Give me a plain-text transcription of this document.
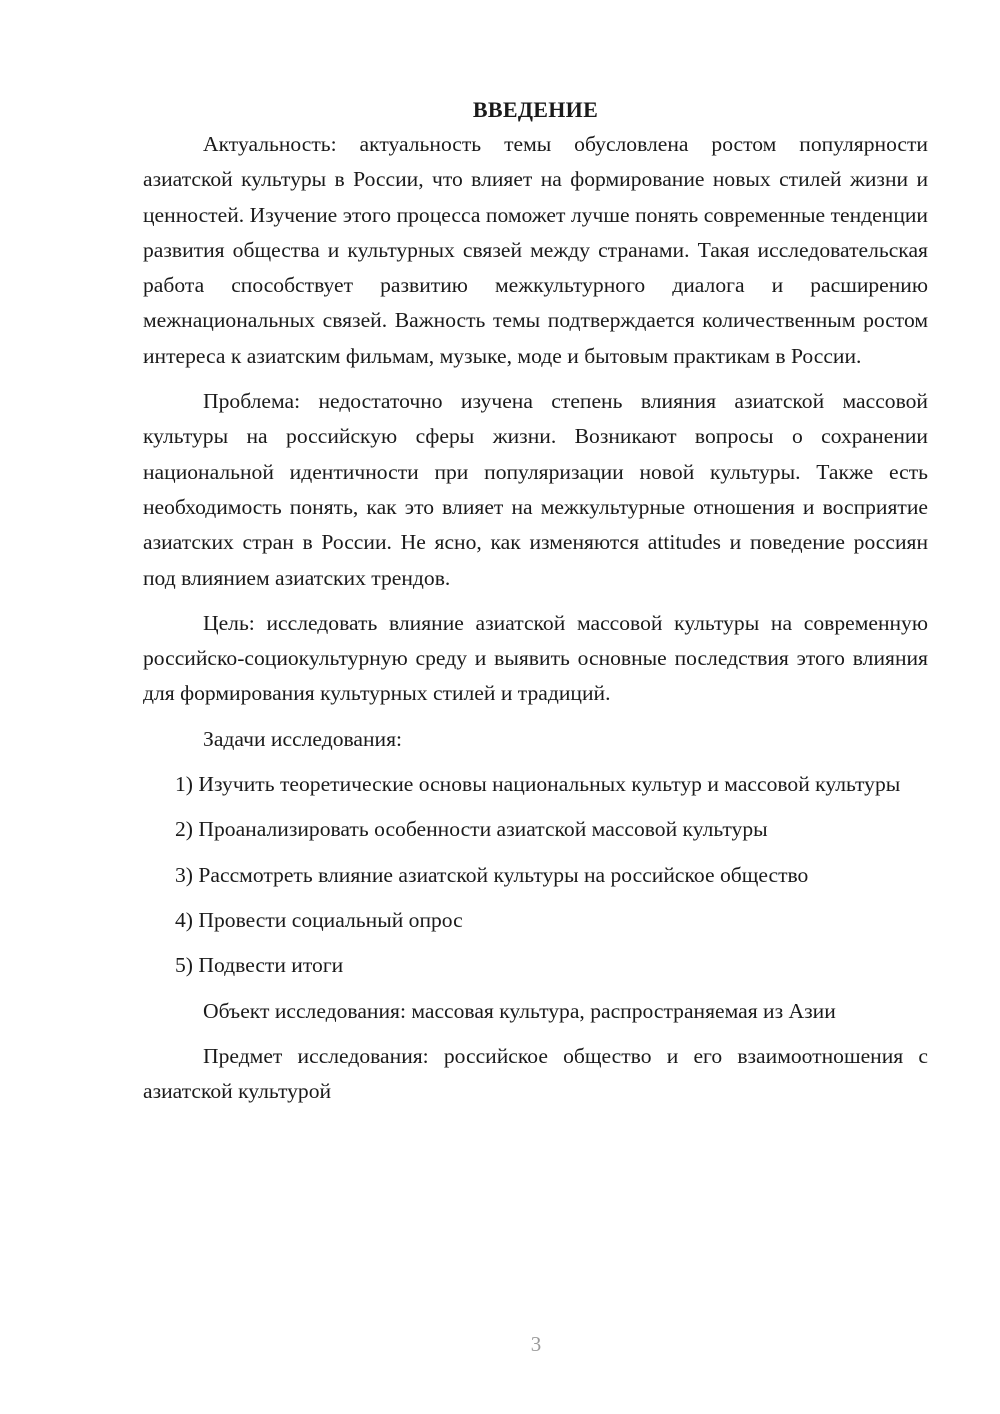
ВВЕДЕНИЕ

Актуальность: актуальность темы обусловлена ростом популярности азиатской культуры в России, что влияет на формирование новых стилей жизни и ценностей. Изучение этого процесса поможет лучше понять современные тенденции развития общества и культурных связей между странами. Такая исследовательская работа способствует развитию межкультурного диалога и расширению межнациональных связей. Важность темы подтверждается количественным ростом интереса к азиатским фильмам, музыке, моде и бытовым практикам в России.

Проблема: недостаточно изучена степень влияния азиатской массовой культуры на российскую сферы жизни. Возникают вопросы о сохранении национальной идентичности при популяризации новой культуры. Также есть необходимость понять, как это влияет на межкультурные отношения и восприятие азиатских стран в России. Не ясно, как изменяются attitudes и поведение россиян под влиянием азиатских трендов.

Цель: исследовать влияние азиатской массовой культуры на современную российско-социокультурную среду и выявить основные последствия этого влияния для формирования культурных стилей и традиций.

Задачи исследования:

1) Изучить теоретические основы национальных культур и массовой культуры

2) Проанализировать особенности азиатской массовой культуры

3) Рассмотреть влияние азиатской культуры на российское общество

4) Провести социальный опрос

5) Подвести итоги

Объект исследования: массовая культура, распространяемая из Азии

Предмет исследования: российское общество и его взаимоотношения с азиатской культурой

3
